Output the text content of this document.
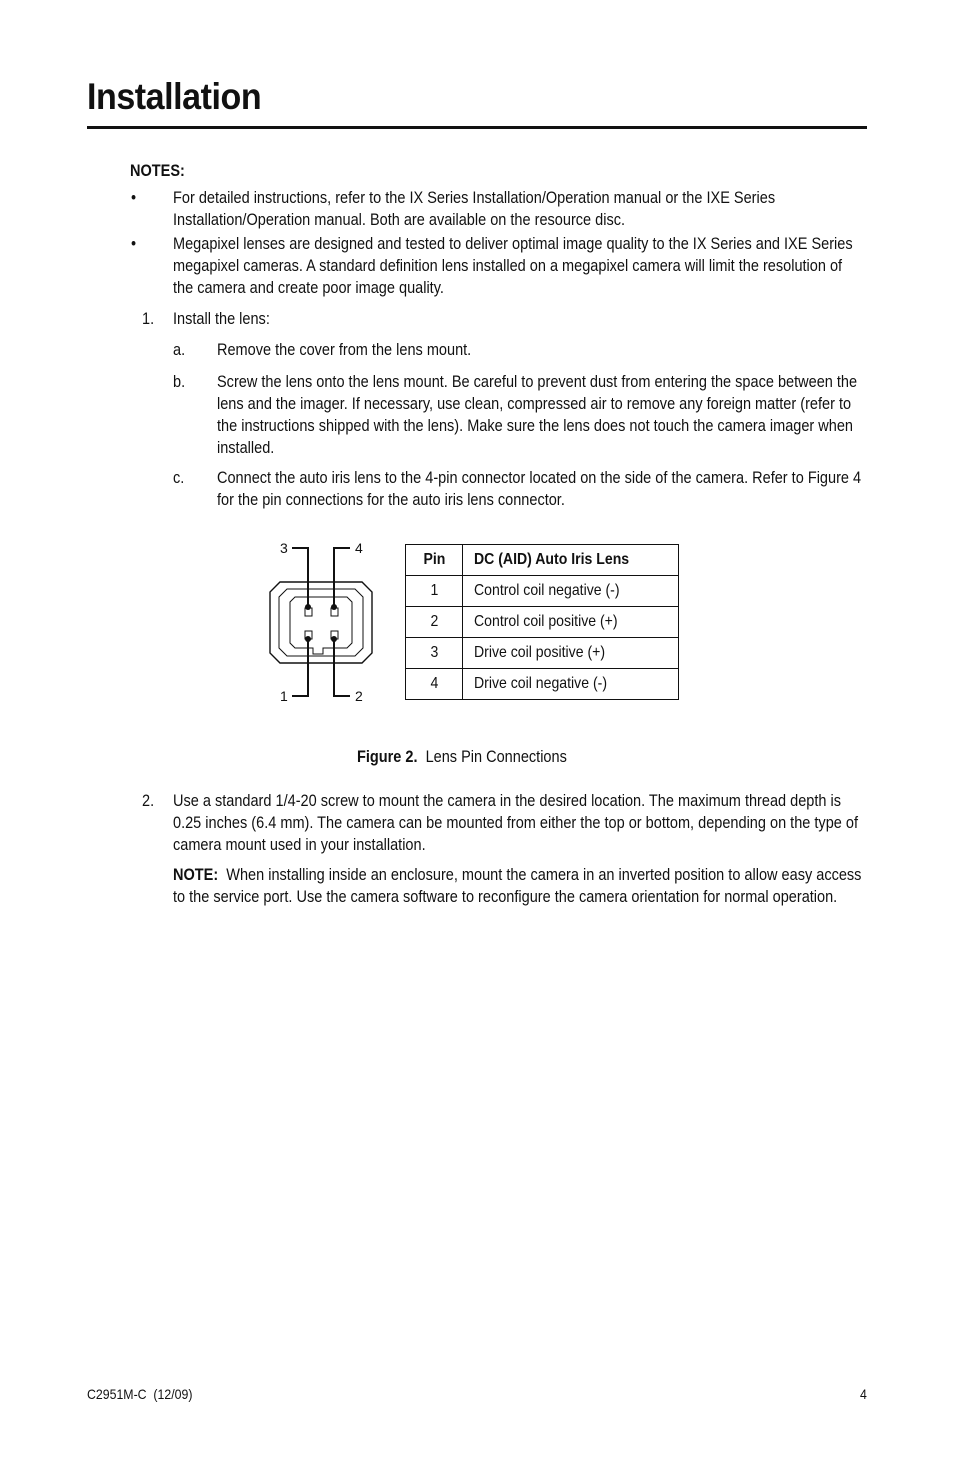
Installation
NOTES:
• For detailed instructions, refer to the IX Series Installation/Operation manual or the IXE Series Installation/Operation manual. Both are available on the resource disc.
• Megapixel lenses are designed and tested to deliver optimal image quality to the IX Series and IXE Series megapixel cameras. A standard definition lens installed on a megapixel camera will limit the resolution of the camera and create poor image quality.
1. Install the lens:
a. Remove the cover from the lens mount.
b. Screw the lens onto the lens mount. Be careful to prevent dust from entering the space between the lens and the imager. If necessary, use clean, compressed air to remove any foreign matter (refer to the instructions shipped with the lens). Make sure the lens does not touch the camera imager when installed.
c. Connect the auto iris lens to the 4-pin connector located on the side of the camera. Refer to Figure 4 for the pin connections for the auto iris lens connector.
3	4
1	2
Pin	DC (AID) Auto Iris Lens
1	Control coil negative (-)
2	Control coil positive (+)
3	Drive coil positive (+)
4	Drive coil negative (-)
Figure 2. Lens Pin Connections
2. Use a standard 1/4-20 screw to mount the camera in the desired location. The maximum thread depth is 0.25 inches (6.4 mm). The camera can be mounted from either the top or bottom, depending on the type of camera mount used in your installation.
NOTE: When installing inside an enclosure, mount the camera in an inverted position to allow easy access to the service port. Use the camera software to reconfigure the camera orientation for normal operation.
C2951M-C  (12/09)	4
